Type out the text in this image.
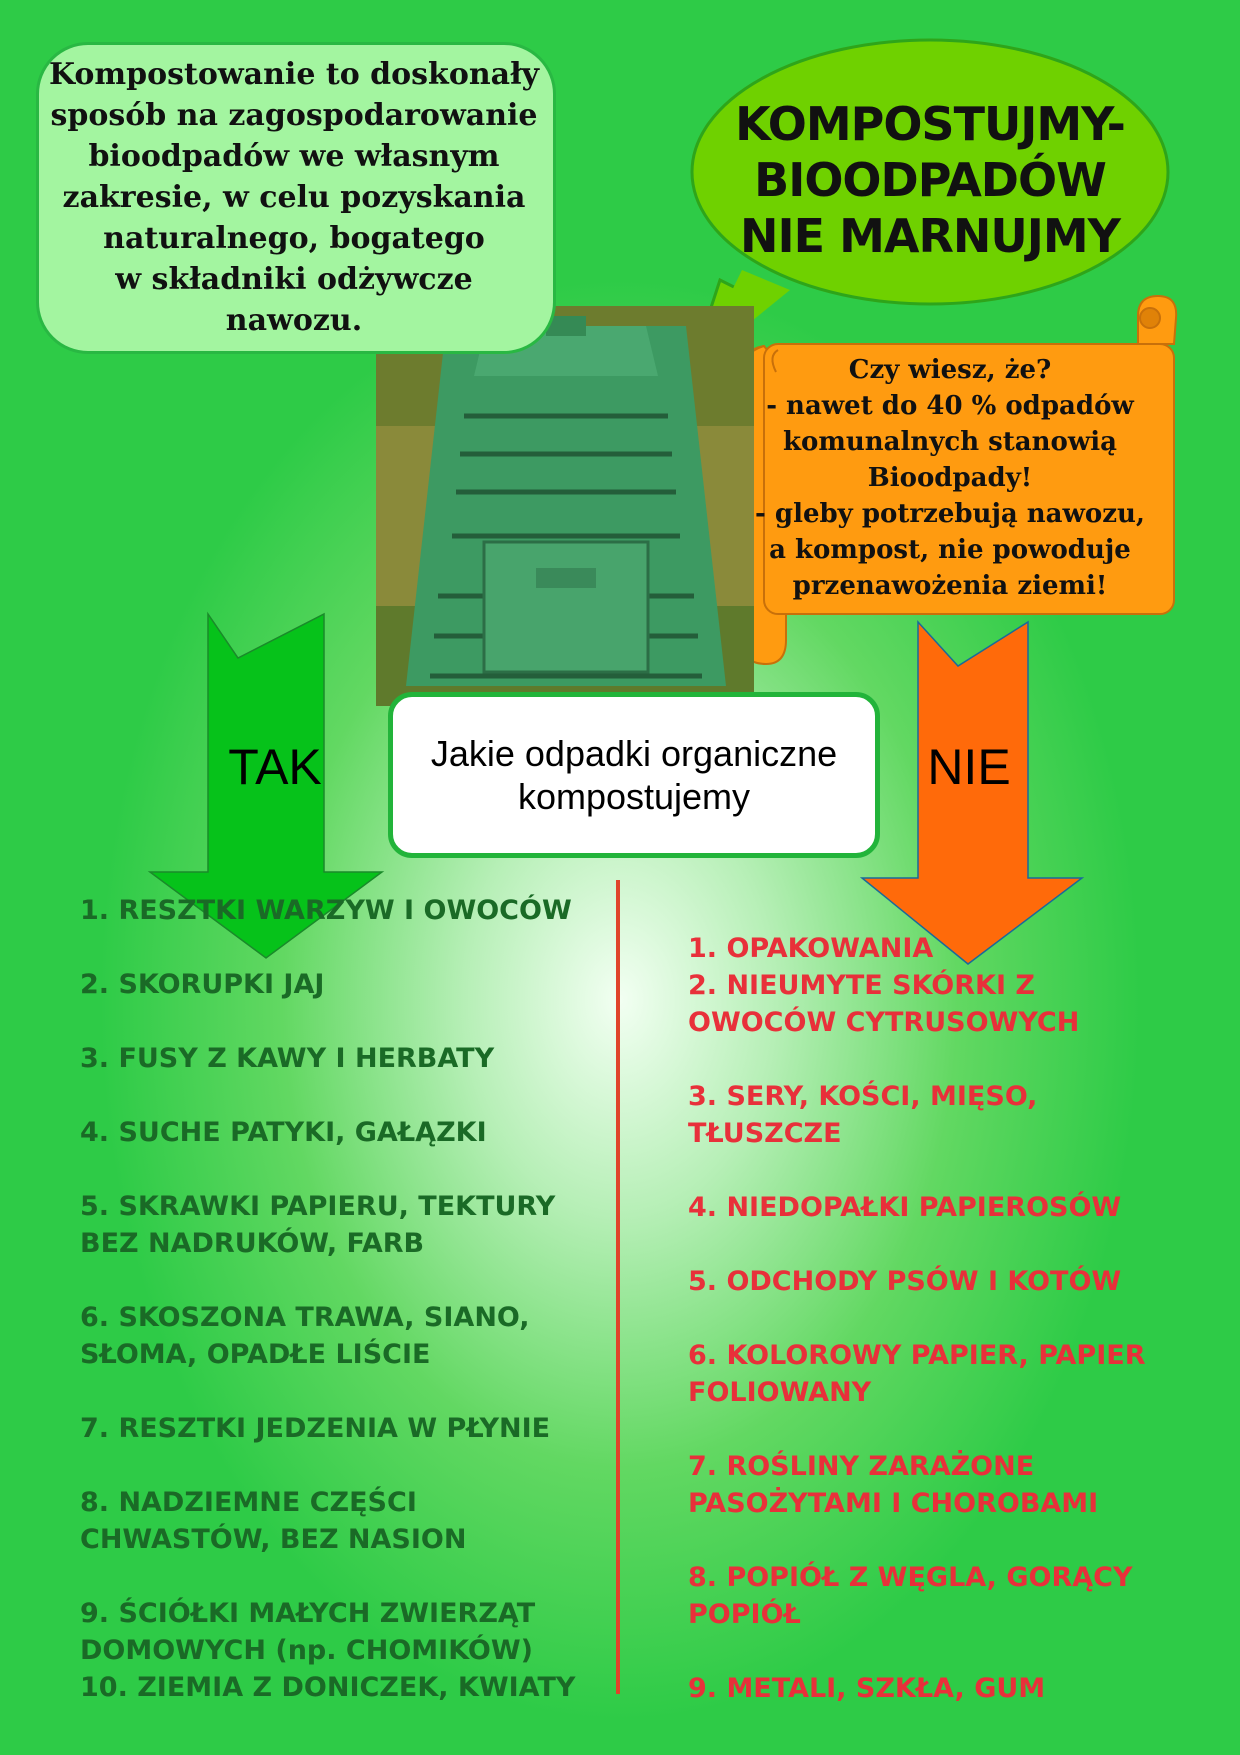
Kompostowanie to doskonały
sposób na zagospodarowanie
bioodpadów we własnym
zakresie, w celu pozyskania
naturalnego, bogatego
w składniki odżywcze
nawozu.
KOMPOSTUJMY-
BIOODPADÓW
NIE MARNUJMY
Czy wiesz, że?
- nawet do 40 % odpadów
komunalnych stanowią
Bioodpady!
- gleby potrzebują nawozu,
a kompost, nie powoduje
przenawożenia ziemi!
TAK	NIE
Jakie odpadki organiczne
kompostujemy
1. RESZTKI WARZYW I OWOCÓW
2. SKORUPKI JAJ
3. FUSY Z KAWY I HERBATY
4. SUCHE PATYKI, GAŁĄZKI
5. SKRAWKI PAPIERU, TEKTURY
BEZ NADRUKÓW, FARB
6. SKOSZONA TRAWA, SIANO,
SŁOMA, OPADŁE LIŚCIE
7. RESZTKI JEDZENIA W PŁYNIE
8. NADZIEMNE CZĘŚCI
CHWASTÓW, BEZ NASION
9. ŚCIÓŁKI MAŁYCH ZWIERZĄT
DOMOWYCH (np. CHOMIKÓW)
10. ZIEMIA Z DONICZEK, KWIATY
1. OPAKOWANIA
2. NIEUMYTE SKÓRKI Z
OWOCÓW CYTRUSOWYCH
3. SERY, KOŚCI, MIĘSO,
TŁUSZCZE
4. NIEDOPAŁKI PAPIEROSÓW
5. ODCHODY PSÓW I KOTÓW
6. KOLOROWY PAPIER, PAPIER
FOLIOWANY
7. ROŚLINY ZARAŻONE
PASOŻYTAMI I CHOROBAMI
8. POPIÓŁ Z WĘGLA, GORĄCY
POPIÓŁ
9. METALI, SZKŁA, GUM
